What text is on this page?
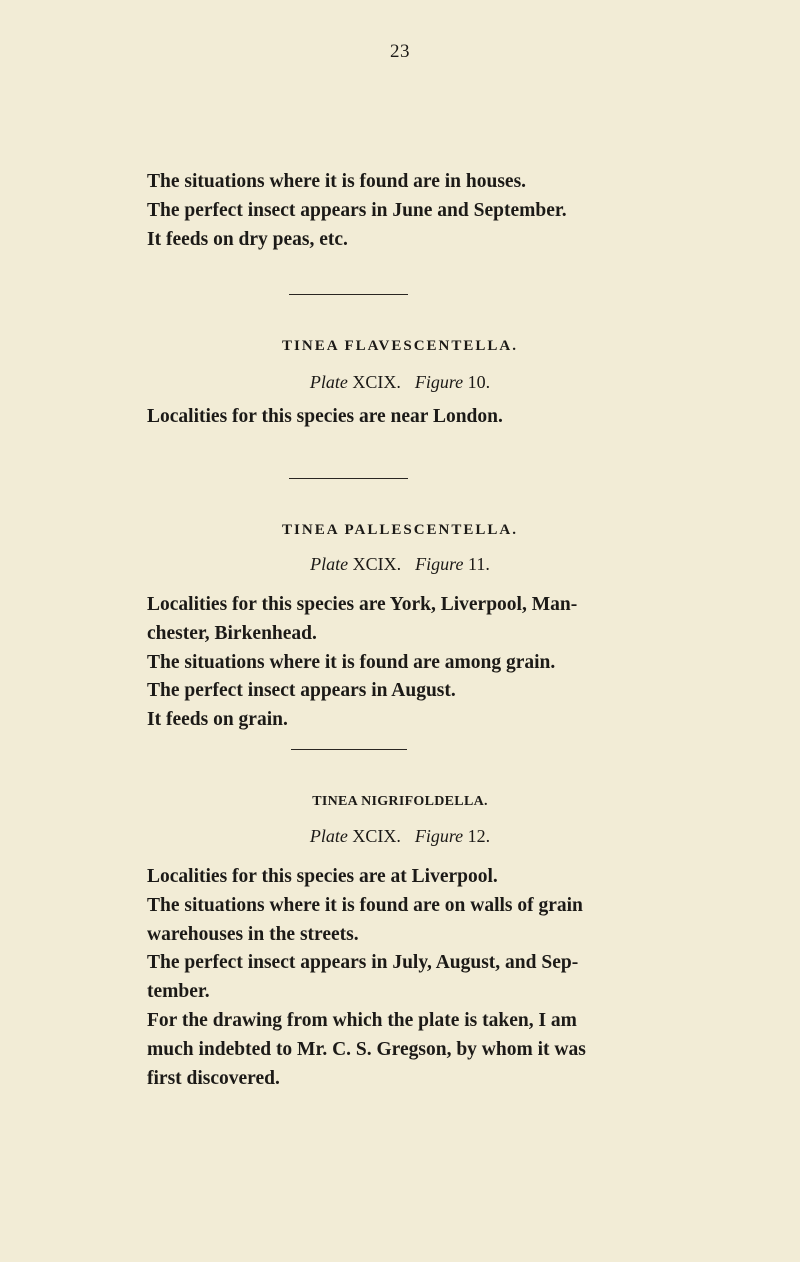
23
The situations where it is found are in houses.
The perfect insect appears in June and September.
It feeds on dry peas, etc.
TINEA FLAVESCENTELLA.
Plate XCIX. Figure 10.
Localities for this species are near London.
TINEA PALLESCENTELLA.
Plate XCIX. Figure 11.
Localities for this species are York, Liverpool, Man-
chester, Birkenhead.
The situations where it is found are among grain.
The perfect insect appears in August.
It feeds on grain.
TINEA NIGRIFOLDELLA.
Plate XCIX. Figure 12.
Localities for this species are at Liverpool.
The situations where it is found are on walls of grain
warehouses in the streets.
The perfect insect appears in July, August, and Sep-
tember.
For the drawing from which the plate is taken, I am
much indebted to Mr. C. S. Gregson, by whom it was
first discovered.
